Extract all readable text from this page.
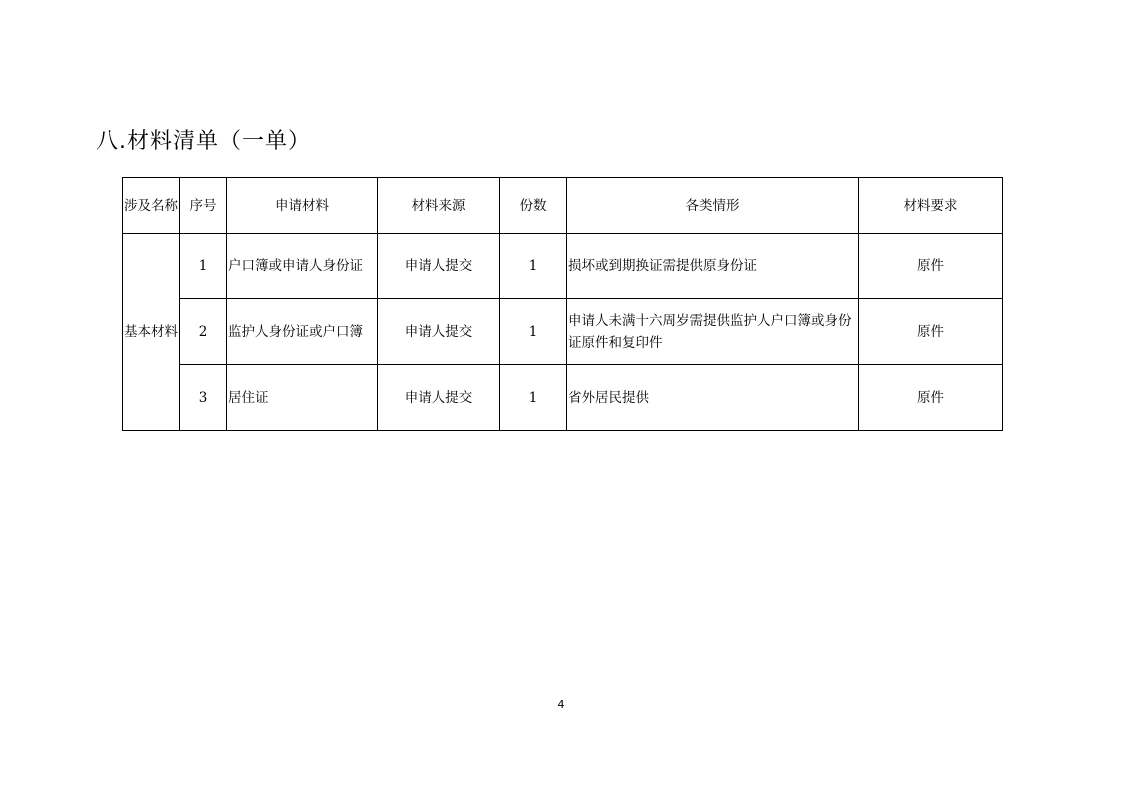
八.材料清单（一单）
涉及名称	序号	申请材料	材料来源	份数	各类情形	材料要求
基本材料	1	户口簿或申请人身份证	申请人提交	1	损坏或到期换证需提供原身份证	原件
	2	监护人身份证或户口簿	申请人提交	1	申请人未满十六周岁需提供监护人户口簿或身份证原件和复印件	原件
	3	居住证	申请人提交	1	省外居民提供	原件
4
